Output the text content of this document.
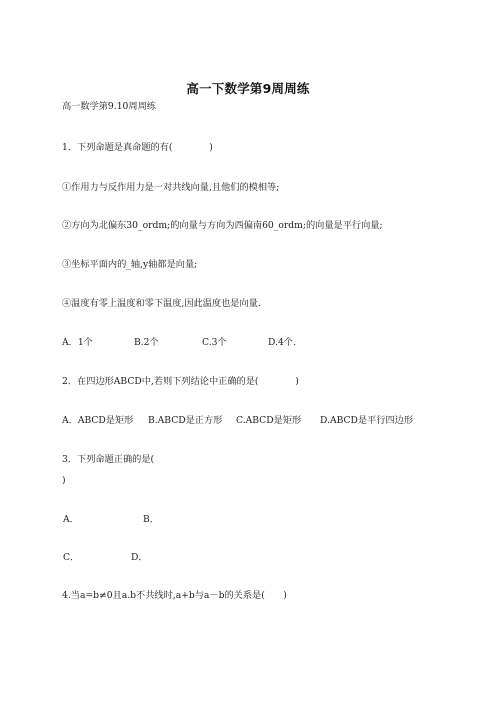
高一下数学第9周周练
高一数学第9.10周周练
1．下列命题是真命题的有(　　　　)
①作用力与反作用力是一对共线向量,且他们的模相等;
②方向为北偏东30_ordm;的向量与方向为西偏南60_ordm;的向量是平行向量;
③坐标平面内的_轴,y轴都是向量;
④温度有零上温度和零下温度,因此温度也是向量.
A．1个	B.2个	C.3个	D.4个.
2．在四边形ABCD中,若则下列结论中正确的是(　　　　)
A．ABCD是矩形 B.ABCD是正方形 C.ABCD是矩形 D.ABCD是平行四边形
3．下列命题正确的是(
)
A．	B．
C．	D．
4.当a=b≠0且a.b不共线时,a+b与a－b的关系是(　　)
